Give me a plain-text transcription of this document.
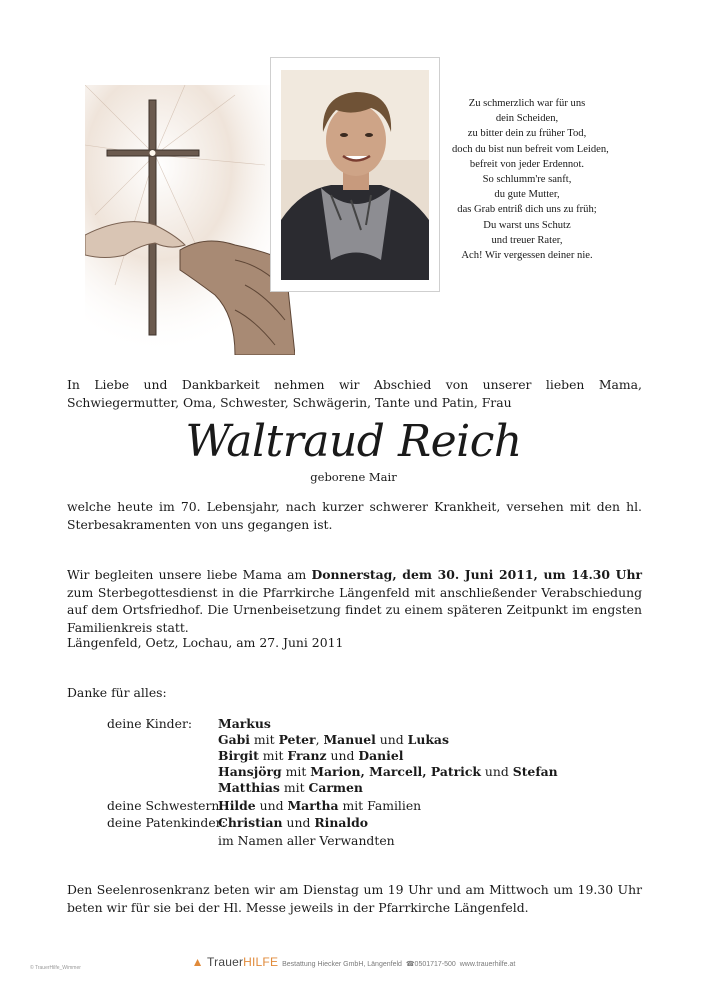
Zu schmerzlich war für uns
dein Scheiden,
zu bitter dein zu früher Tod,
doch du bist nun befreit vom Leiden,
befreit von jeder Erdennot.
So schlumm're sanft,
du gute Mutter,
das Grab entriß dich uns zu früh;
Du warst uns Schutz
und treuer Rater,
Ach! Wir vergessen deiner nie.
In Liebe und Dankbarkeit nehmen wir Abschied von unserer lieben Mama, Schwiegermutter, Oma, Schwester, Schwägerin, Tante und Patin, Frau
Waltraud Reich
geborene Mair
welche heute im 70. Lebensjahr, nach kurzer schwerer Krankheit, versehen mit den hl. Sterbesakramenten von uns gegangen ist.
Wir begleiten unsere liebe Mama am Donnerstag, dem 30. Juni 2011, um 14.30 Uhr zum Sterbegottesdienst in die Pfarrkirche Längenfeld mit anschließender Verabschiedung auf dem Ortsfriedhof. Die Urnenbeisetzung findet zu einem späteren Zeitpunkt im engsten Familienkreis statt.
Längenfeld, Oetz, Lochau, am 27. Juni 2011
Danke für alles:
deine Kinder: Markus
Gabi mit Peter, Manuel und Lukas
Birgit mit Franz und Daniel
Hansjörg mit Marion, Marcell, Patrick und Stefan
Matthias mit Carmen
deine Schwestern:
Hilde und Martha mit Familien
deine Patenkinder:
Christian und Rinaldo
im Namen aller Verwandten
Den Seelenrosenkranz beten wir am Dienstag um 19 Uhr und am Mittwoch um 19.30 Uhr beten wir für sie bei der Hl. Messe jeweils in der Pfarrkirche Längenfeld.
▲ TrauerHILFE Bestattung Hiecker GmbH, Längenfeld ☎0501717-500 www.trauerhilfe.at
© TrauerHilfe_Wimmer
